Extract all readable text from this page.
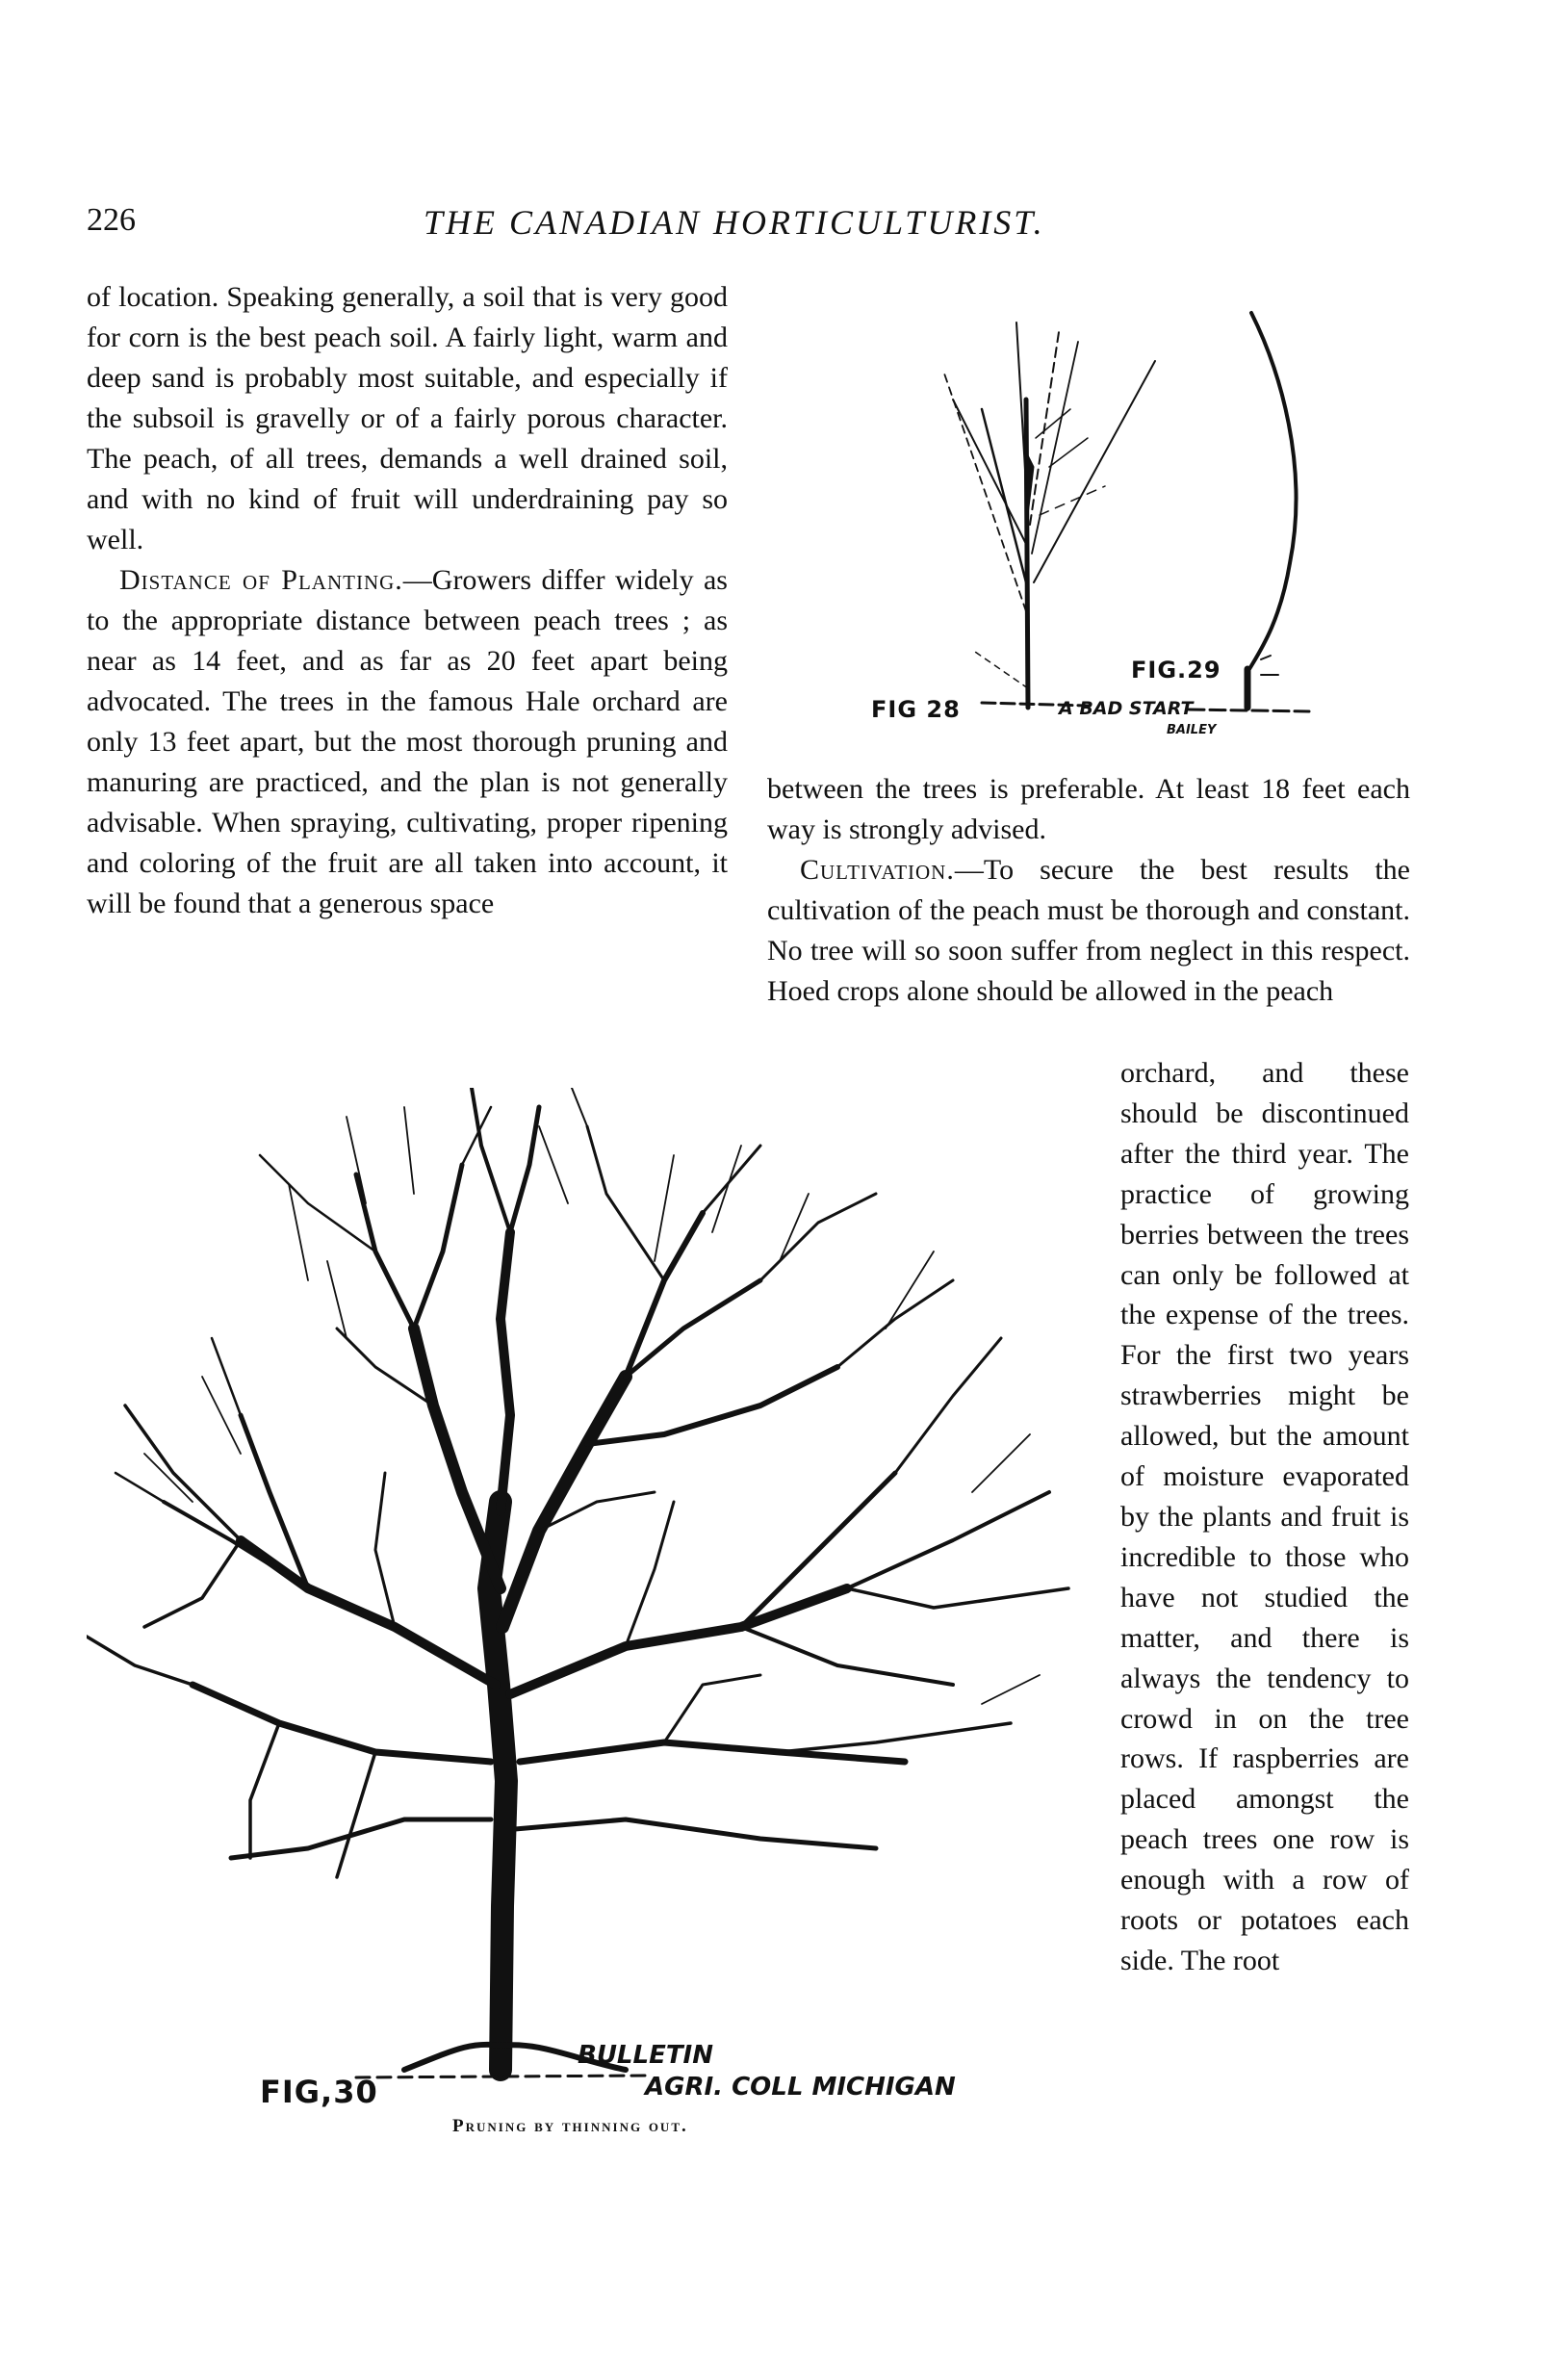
226	THE CANADIAN HORTICULTURIST.

of location. Speaking generally, a soil that is very good for corn is the best peach soil. A fairly light, warm and deep sand is probably most suitable, and especially if the subsoil is gravelly or of a fairly porous character. The peach, of all trees, demands a well drained soil, and with no kind of fruit will underdraining pay so well.

Distance of Planting.—Growers differ widely as to the appropriate distance between peach trees ; as near as 14 feet, and as far as 20 feet apart being advocated. The trees in the famous Hale orchard are only 13 feet apart, but the most thorough pruning and manuring are practiced, and the plan is not generally advisable. When spraying, cultivating, proper ripening and coloring of the fruit are all taken into account, it will be found that a generous space

between the trees is preferable. At least 18 feet each way is strongly advised.

Cultivation.—To secure the best results the cultivation of the peach must be thorough and constant. No tree will so soon suffer from neglect in this respect. Hoed crops alone should be allowed in the peach

orchard, and these should be discontinued after the third year. The practice of growing berries between the trees can only be followed at the expense of the trees. For the first two years strawberries might be allowed, but the amount of moisture evaporated by the plants and fruit is incredible to those who have not studied the matter, and there is always the tendency to crowd in on the tree rows. If raspberries are placed amongst the peach trees one row is enough with a row of roots or potatoes each side. The root

FIG 28
FIG.29
A BAD START
BAILEY
FIG,30
BULLETIN
AGRI. COLL MICHIGAN
Pruning by thinning out.
